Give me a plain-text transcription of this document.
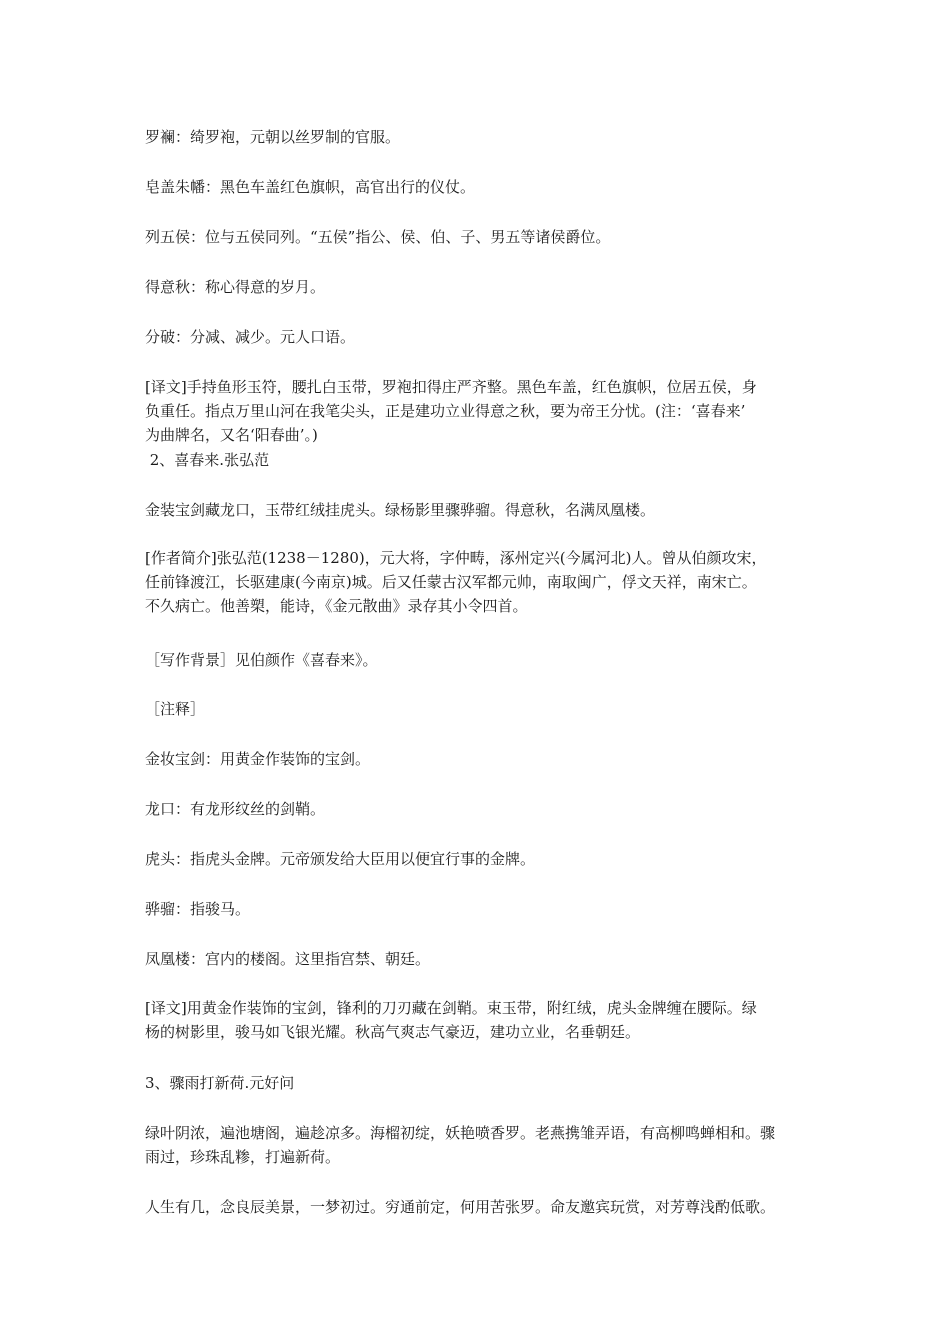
罗襕：绮罗袍，元朝以丝罗制的官服。
皂盖朱幡：黑色车盖红色旗帜，高官出行的仪仗。
列五侯：位与五侯同列。“五侯”指公、侯、伯、子、男五等诸侯爵位。
得意秋：称心得意的岁月。
分破：分减、减少。元人口语。
[译文]手持鱼形玉符，腰扎白玉带，罗袍扣得庄严齐整。黑色车盖，红色旗帜，位居五侯，身
负重任。指点万里山河在我笔尖头，正是建功立业得意之秋，要为帝王分忧。(注：‘喜春来’
为曲牌名，又名‘阳春曲’。)
2、喜春来.张弘范
金装宝剑藏龙口，玉带红绒挂虎头。绿杨影里骤骅骝。得意秋，名满凤凰楼。
[作者简介]张弘范(1238－1280)，元大将，字仲畴，涿州定兴(今属河北)人。曾从伯颜攻宋，
任前锋渡江，长驱建康(今南京)城。后又任蒙古汉军都元帅，南取闽广，俘文天祥，南宋亡。
不久病亡。他善槊，能诗，《金元散曲》录存其小令四首。
［写作背景］见伯颜作《喜春来》。
［注释］
金妆宝剑：用黄金作装饰的宝剑。
龙口：有龙形纹丝的剑鞘。
虎头：指虎头金牌。元帝颁发给大臣用以便宜行事的金牌。
骅骝：指骏马。
凤凰楼：宫内的楼阁。这里指宫禁、朝廷。
[译文]用黄金作装饰的宝剑，锋利的刀刃藏在剑鞘。束玉带，附红绒，虎头金牌缠在腰际。绿
杨的树影里，骏马如飞银光耀。秋高气爽志气豪迈，建功立业，名垂朝廷。
3、骤雨打新荷.元好问
绿叶阴浓，遍池塘阁，遍趁凉多。海榴初绽，妖艳喷香罗。老燕携雏弄语，有高柳鸣蝉相和。骤
雨过，珍珠乱糁，打遍新荷。
人生有几，念良辰美景，一梦初过。穷通前定，何用苦张罗。命友邀宾玩赏，对芳尊浅酌低歌。
